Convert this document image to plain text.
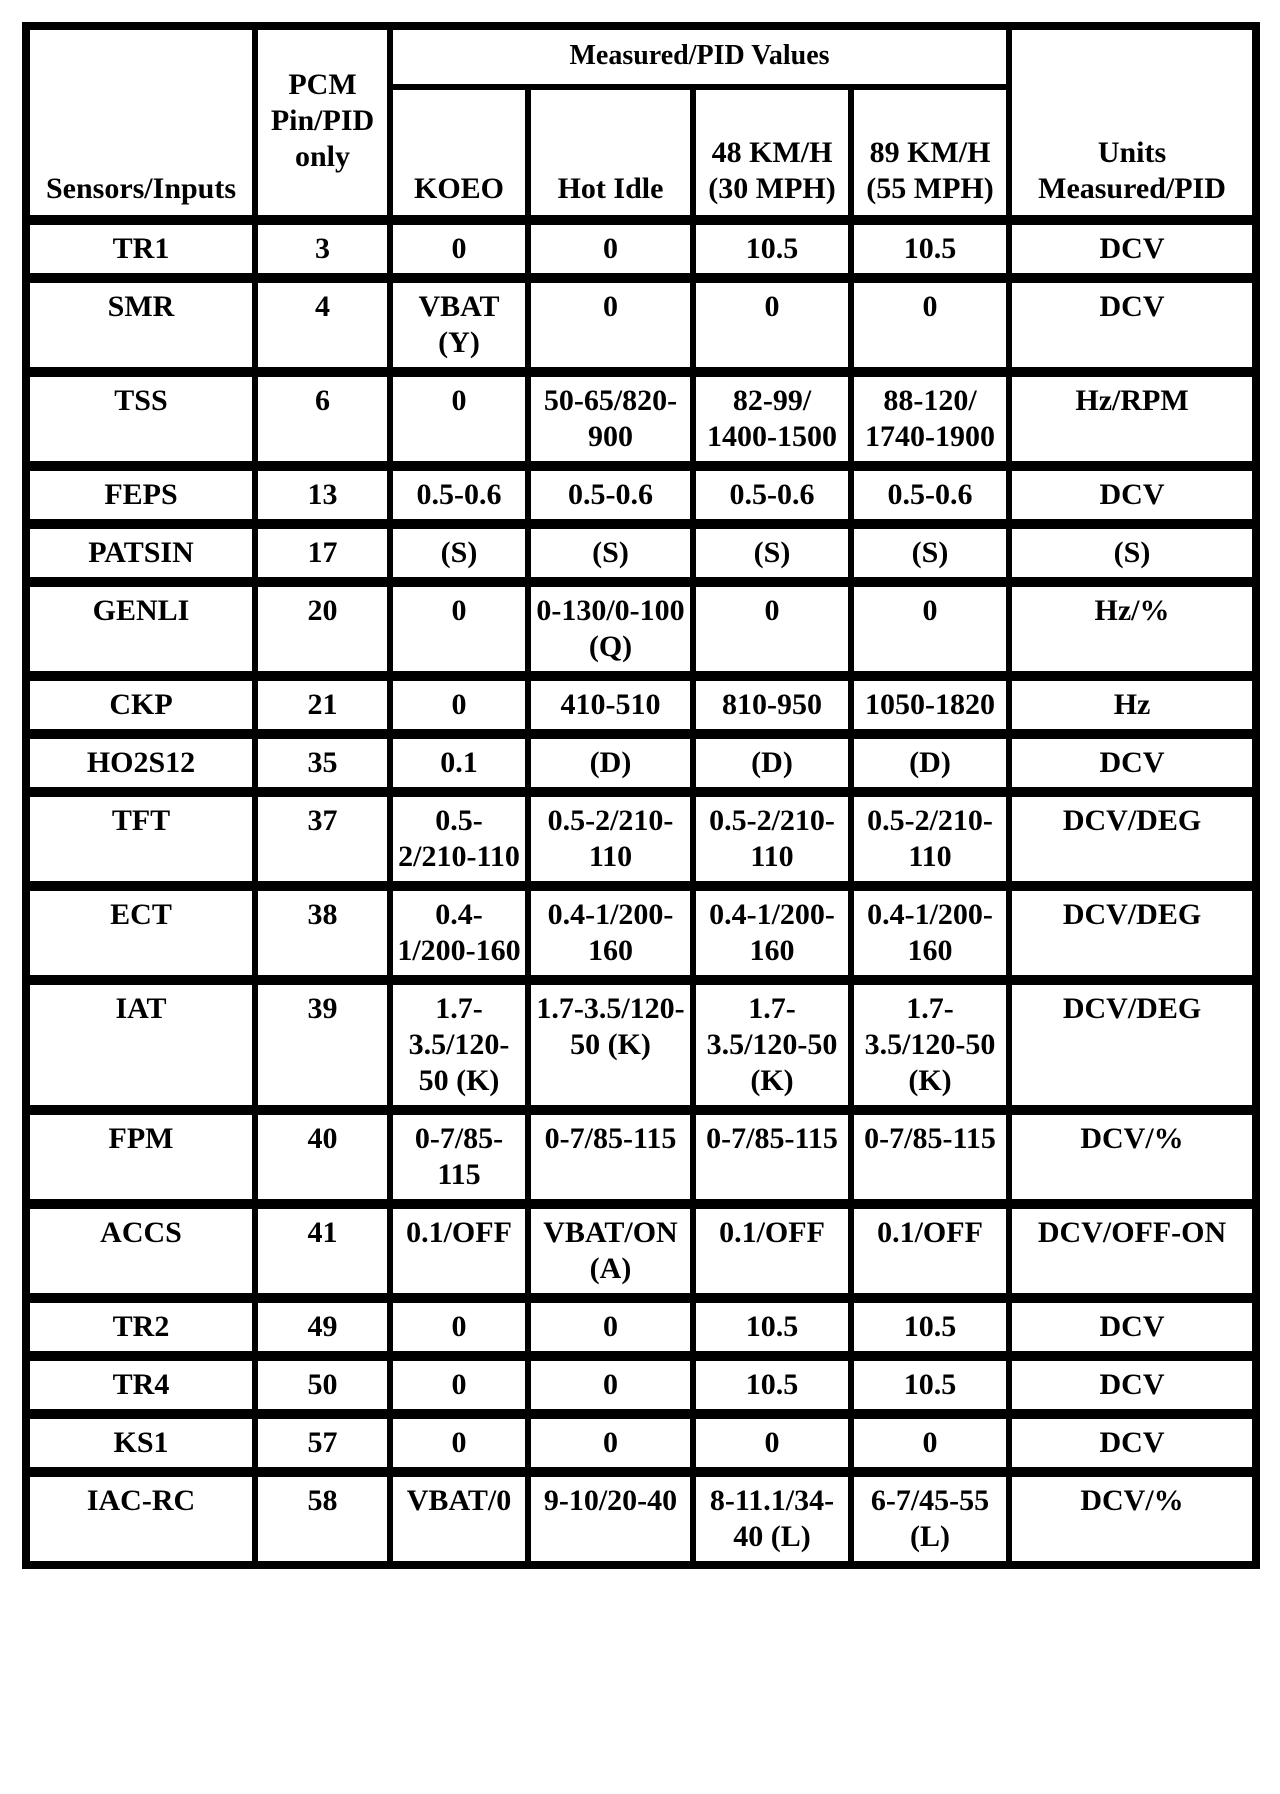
Sensors/Inputs	PCM Pin/PID only	Measured/PID Values				Units Measured/PID
		KOEO	Hot Idle	48 KM/H (30 MPH)	89 KM/H (55 MPH)	
TR1	3	0	0	10.5	10.5	DCV
SMR	4	VBAT (Y)	0	0	0	DCV
TSS	6	0	50-65/820-900	82-99/ 1400-1500	88-120/ 1740-1900	Hz/RPM
FEPS	13	0.5-0.6	0.5-0.6	0.5-0.6	0.5-0.6	DCV
PATSIN	17	(S)	(S)	(S)	(S)	(S)
GENLI	20	0	0-130/0-100 (Q)	0	0	Hz/%
CKP	21	0	410-510	810-950	1050-1820	Hz
HO2S12	35	0.1	(D)	(D)	(D)	DCV
TFT	37	0.5-2/210-110	0.5-2/210-110	0.5-2/210-110	0.5-2/210-110	DCV/DEG
ECT	38	0.4-1/200-160	0.4-1/200-160	0.4-1/200-160	0.4-1/200-160	DCV/DEG
IAT	39	1.7-3.5/120-50 (K)	1.7-3.5/120-50 (K)	1.7-3.5/120-50 (K)	1.7-3.5/120-50 (K)	DCV/DEG
FPM	40	0-7/85-115	0-7/85-115	0-7/85-115	0-7/85-115	DCV/%
ACCS	41	0.1/OFF	VBAT/ON (A)	0.1/OFF	0.1/OFF	DCV/OFF-ON
TR2	49	0	0	10.5	10.5	DCV
TR4	50	0	0	10.5	10.5	DCV
KS1	57	0	0	0	0	DCV
IAC-RC	58	VBAT/0	9-10/20-40	8-11.1/34-40 (L)	6-7/45-55 (L)	DCV/%
